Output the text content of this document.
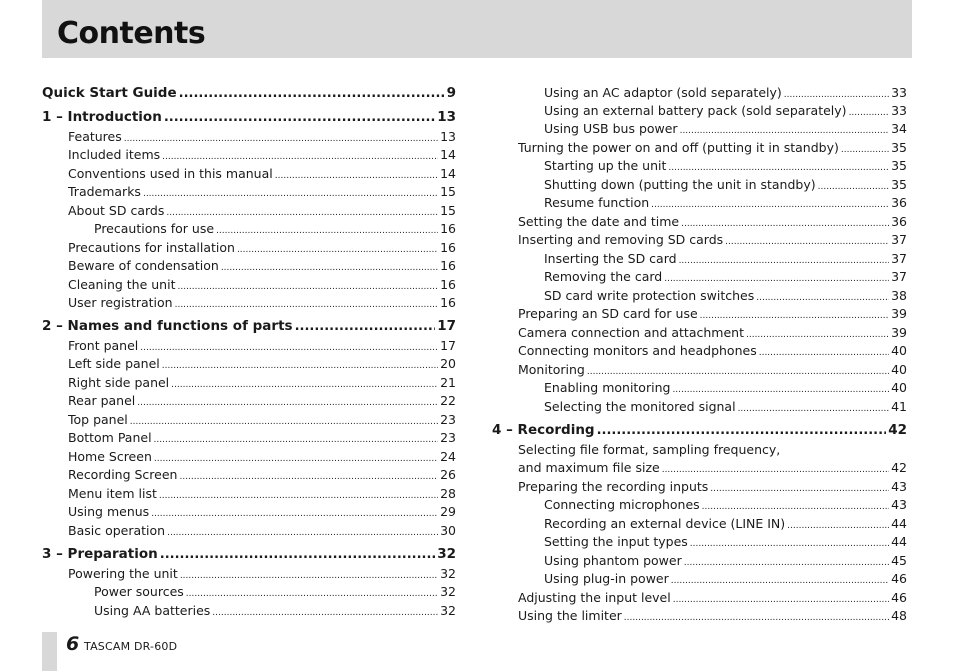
Contents
Quick Start Guide .....	9
1 – Introduction .....	13
Features .....	13
Included items .....	14
Conventions used in this manual .....	14
Trademarks .....	15
About SD cards .....	15
Precautions for use .....	16
Precautions for installation .....	16
Beware of condensation .....	16
Cleaning the unit .....	16
User registration .....	16
2 – Names and functions of parts .....	17
Front panel .....	17
Left side panel .....	20
Right side panel .....	21
Rear panel .....	22
Top panel .....	23
Bottom Panel .....	23
Home Screen .....	24
Recording Screen .....	26
Menu item list .....	28
Using menus .....	29
Basic operation .....	30
3 – Preparation .....	32
Powering the unit .....	32
Power sources .....	32
Using AA batteries .....	32
Using an AC adaptor (sold separately) .....	33
Using an external battery pack (sold separately) .....	33
Using USB bus power .....	34
Turning the power on and off (putting it in standby) .....	35
Starting up the unit .....	35
Shutting down (putting the unit in standby) .....	35
Resume function .....	36
Setting the date and time .....	36
Inserting and removing SD cards .....	37
Inserting the SD card .....	37
Removing the card .....	37
SD card write protection switches .....	38
Preparing an SD card for use .....	39
Camera connection and attachment .....	39
Connecting monitors and headphones .....	40
Monitoring .....	40
Enabling monitoring .....	40
Selecting the monitored signal .....	41
4 – Recording .....	42
Selecting file format, sampling frequency,
and maximum file size .....	42
Preparing the recording inputs .....	43
Connecting microphones .....	43
Recording an external device (LINE IN) .....	44
Setting the input types .....	44
Using phantom power .....	45
Using plug-in power .....	46
Adjusting the input level .....	46
Using the limiter .....	48
6 TASCAM DR-60D
